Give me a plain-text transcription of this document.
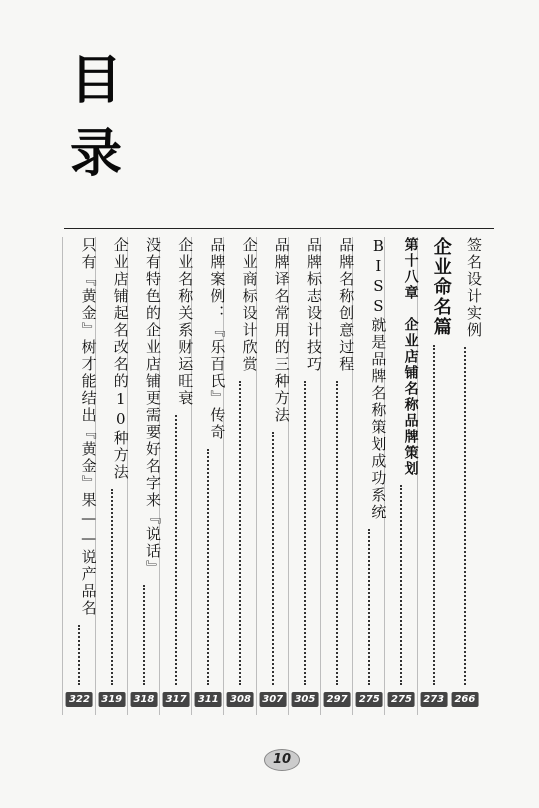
目
录
签名设计实例
266
企业命名篇
273
第十八章　企业店铺名称品牌策划
275
BISS就是品牌名称策划成功系统
275
品牌名称创意过程
297
品牌标志设计技巧
305
品牌译名常用的三种方法
307
企业商标设计欣赏
308
品牌案例：『乐百氏』传奇
311
企业名称关系财运旺衰
317
没有特色的企业店铺更需要好名字来『说话』
318
企业店铺起名改名的10种方法
319
只有『黄金』树才能结出『黄金』果——说产品名
322
10
